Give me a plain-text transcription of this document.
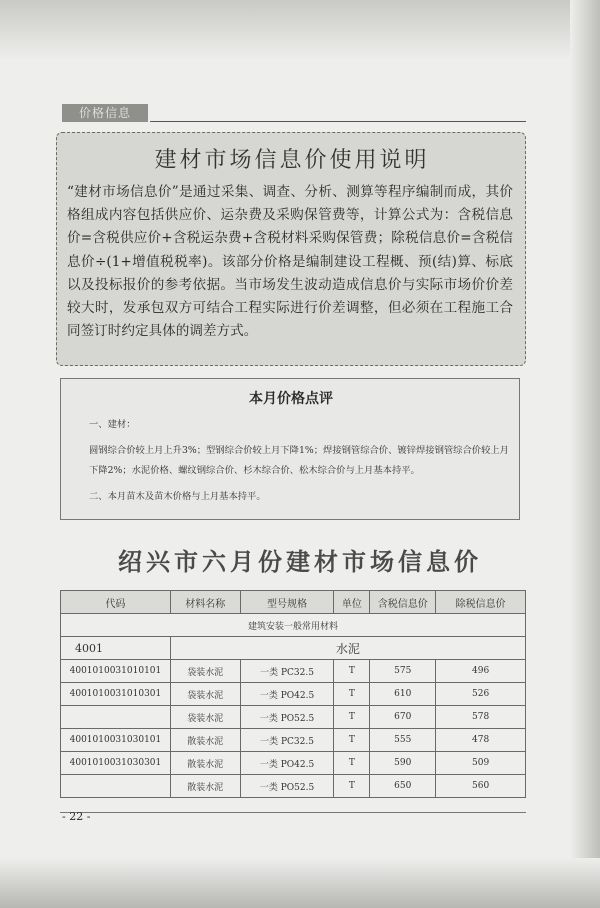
价格信息
建材市场信息价使用说明
“建材市场信息价”是通过采集、调查、分析、测算等程序编制而成，其价格组成内容包括供应价、运杂费及采购保管费等，计算公式为：含税信息价=含税供应价+含税运杂费+含税材料采购保管费；除税信息价=含税信息价÷(1+增值税税率)。该部分价格是编制建设工程概、预(结)算、标底以及投标报价的参考依据。当市场发生波动造成信息价与实际市场价价差较大时，发承包双方可结合工程实际进行价差调整，但必须在工程施工合同签订时约定具体的调差方式。
本月价格点评
一、建材：
圆钢综合价较上月上升3%；型钢综合价较上月下降1%；焊接钢管综合价、镀锌焊接钢管综合价较上月下降2%；水泥价格、螺纹钢综合价、杉木综合价、松木综合价与上月基本持平。
二、本月苗木及苗木价格与上月基本持平。
绍兴市六月份建材市场信息价
代码	材料名称	型号规格	单位	含税信息价	除税信息价
建筑安装一般常用材料					
4001	水泥				
4001010031010101	袋装水泥	一类 PC32.5	T	575	496
4001010031010301	袋装水泥	一类 PO42.5	T	610	526
	袋装水泥	一类 PO52.5	T	670	578
4001010031030101	散装水泥	一类 PC32.5	T	555	478
4001010031030301	散装水泥	一类 PO42.5	T	590	509
	散装水泥	一类 PO52.5	T	650	560
- 22 -
